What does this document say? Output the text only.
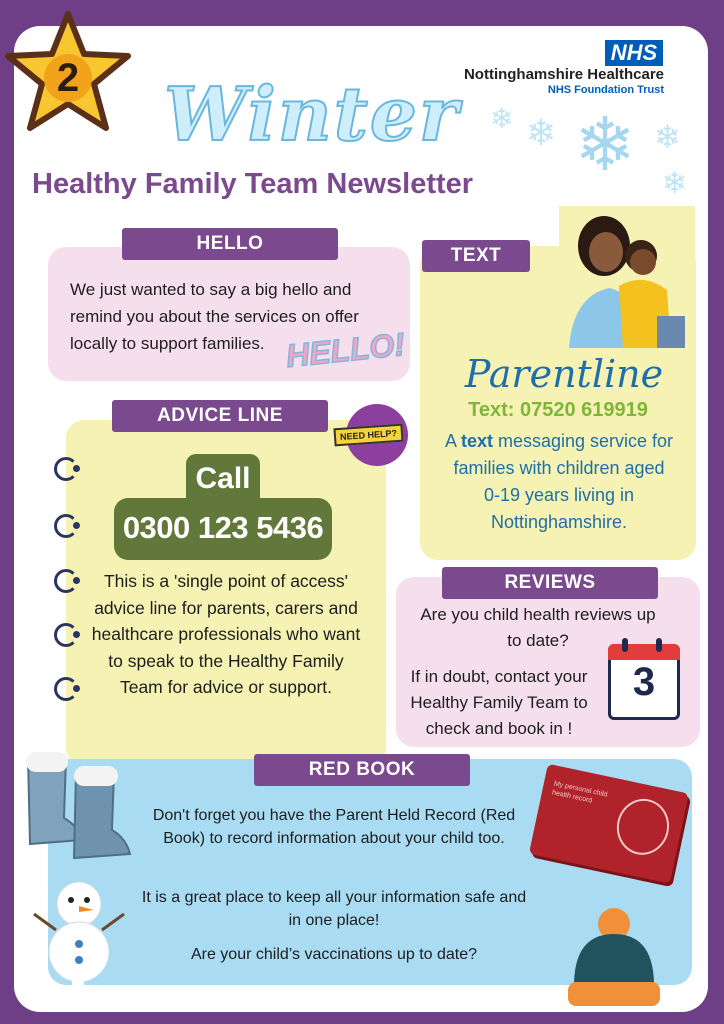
NHS
Nottinghamshire Healthcare
NHS Foundation Trust
❄ ❄ ❄ ❄
❄
Winter
Healthy Family Team Newsletter
HELLO
We just wanted to say a big hello and remind you about the services on offer locally to support families. HELLO!
TEXT
Parentline
Text: 07520 619919
A text messaging service for families with children aged 0-19 years living in Nottinghamshire.
ADVICE LINE
NEED HELP?
Call
0300 123 5436
This is a 'single point of access' advice line for parents, carers and healthcare professionals who want to speak to the Healthy Family Team for advice or support.
REVIEWS
Are you child health reviews up to date?
If in doubt, contact your Healthy Family Team to check and book in !
3
RED BOOK
Don't forget you have the Parent Held Record (Red Book) to record information about your child too.
It is a great place to keep all your information safe and in one place!
Are your child’s vaccinations up to date?
My personal child health record
2
